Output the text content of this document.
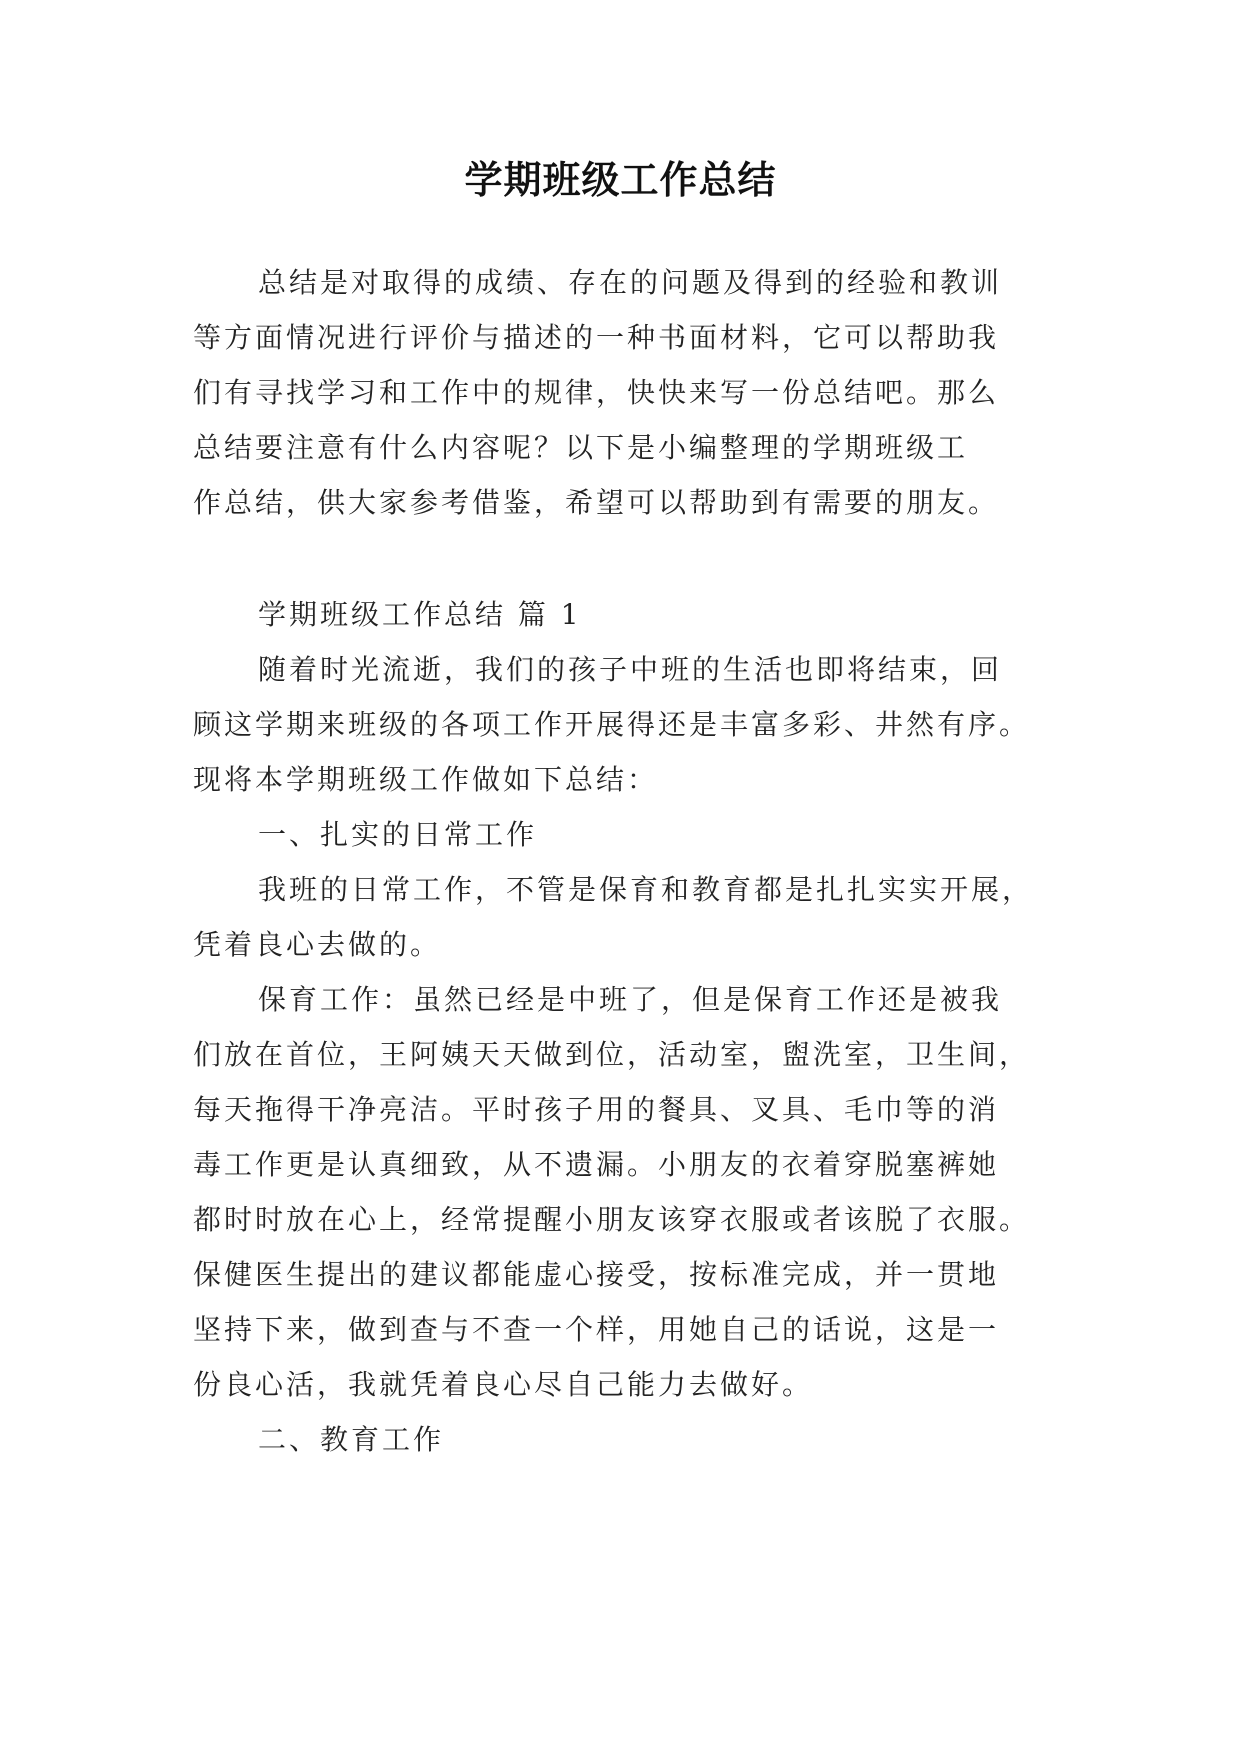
学期班级工作总结
总结是对取得的成绩、存在的问题及得到的经验和教训
等方面情况进行评价与描述的一种书面材料，它可以帮助我
们有寻找学习和工作中的规律，快快来写一份总结吧。那么
总结要注意有什么内容呢？以下是小编整理的学期班级工
作总结，供大家参考借鉴，希望可以帮助到有需要的朋友。
学期班级工作总结 篇 1
随着时光流逝，我们的孩子中班的生活也即将结束，回
顾这学期来班级的各项工作开展得还是丰富多彩、井然有序。
现将本学期班级工作做如下总结：
一、扎实的日常工作
我班的日常工作，不管是保育和教育都是扎扎实实开展，
凭着良心去做的。
保育工作：虽然已经是中班了，但是保育工作还是被我
们放在首位，王阿姨天天做到位，活动室，盥洗室，卫生间，
每天拖得干净亮洁。平时孩子用的餐具、叉具、毛巾等的消
毒工作更是认真细致，从不遗漏。小朋友的衣着穿脱塞裤她
都时时放在心上，经常提醒小朋友该穿衣服或者该脱了衣服。
保健医生提出的建议都能虚心接受，按标准完成，并一贯地
坚持下来，做到查与不查一个样，用她自己的话说，这是一
份良心活，我就凭着良心尽自己能力去做好。
二、教育工作
